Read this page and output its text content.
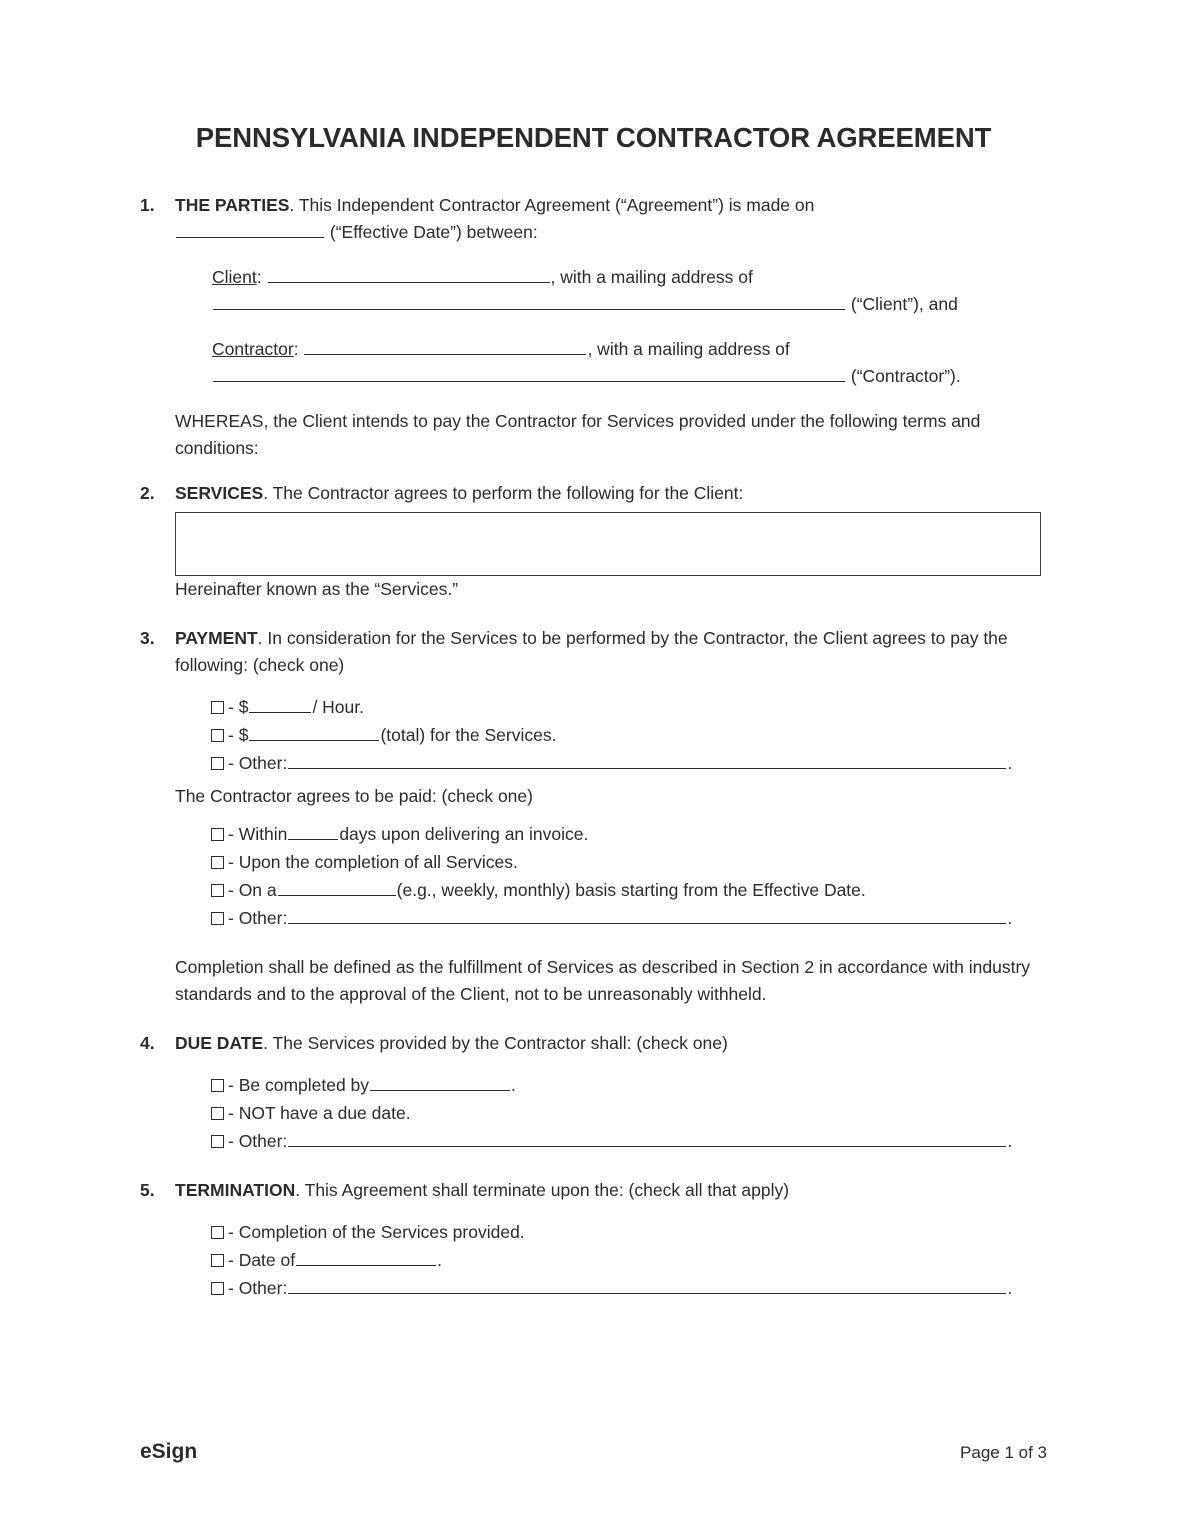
PENNSYLVANIA INDEPENDENT CONTRACTOR AGREEMENT
1.	THE PARTIES. This Independent Contractor Agreement (“Agreement”) is made on
(“Effective Date”) between:
Client:	, with a mailing address of
(“Client”), and
Contractor:	, with a mailing address of
(“Contractor”).
WHEREAS, the Client intends to pay the Contractor for Services provided under the following terms and conditions:
2.	SERVICES. The Contractor agrees to perform the following for the Client:
Hereinafter known as the “Services.”
3.	PAYMENT. In consideration for the Services to be performed by the Contractor, the Client agrees to pay the following: (check one)
- $	/ Hour.
- $	(total) for the Services.
- Other:	.
The Contractor agrees to be paid: (check one)
- Within	days upon delivering an invoice.
- Upon the completion of all Services.
- On a	(e.g., weekly, monthly) basis starting from the Effective Date.
- Other:	.
Completion shall be defined as the fulfillment of Services as described in Section 2 in accordance with industry standards and to the approval of the Client, not to be unreasonably withheld.
4.	DUE DATE. The Services provided by the Contractor shall: (check one)
- Be completed by	.
- NOT have a due date.
- Other:	.
5.	TERMINATION. This Agreement shall terminate upon the: (check all that apply)
- Completion of the Services provided.
- Date of	.
- Other:	.
eSign	Page 1 of 3
